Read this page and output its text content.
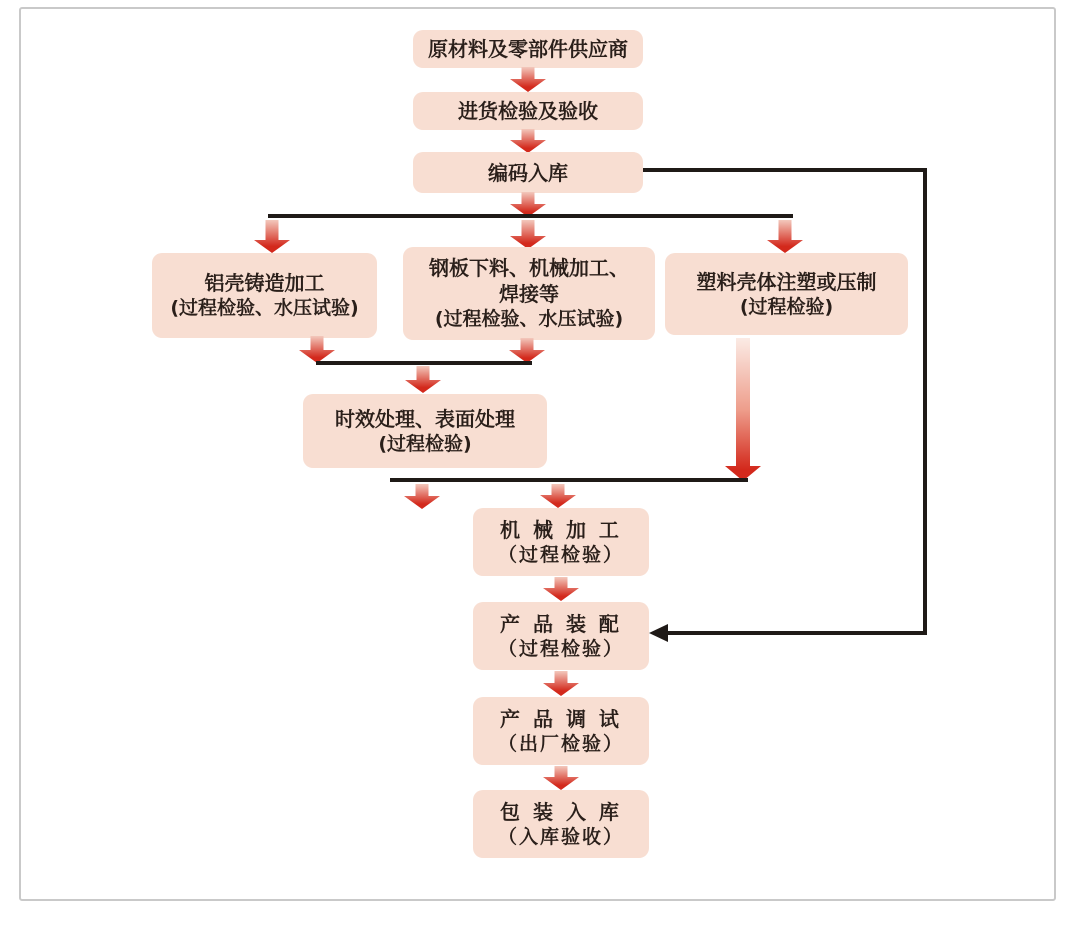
原材料及零部件供应商
进货检验及验收
编码入库
铝壳铸造加工
(过程检验、水压试验)
钢板下料、机械加工、
焊接等
(过程检验、水压试验)
塑料壳体注塑或压制
(过程检验)
时效处理、表面处理
(过程检验)
机 械 加 工
（过程检验）
产 品 装 配
（过程检验）
产 品 调 试
（出厂检验）
包 装 入 库
（入库验收）
